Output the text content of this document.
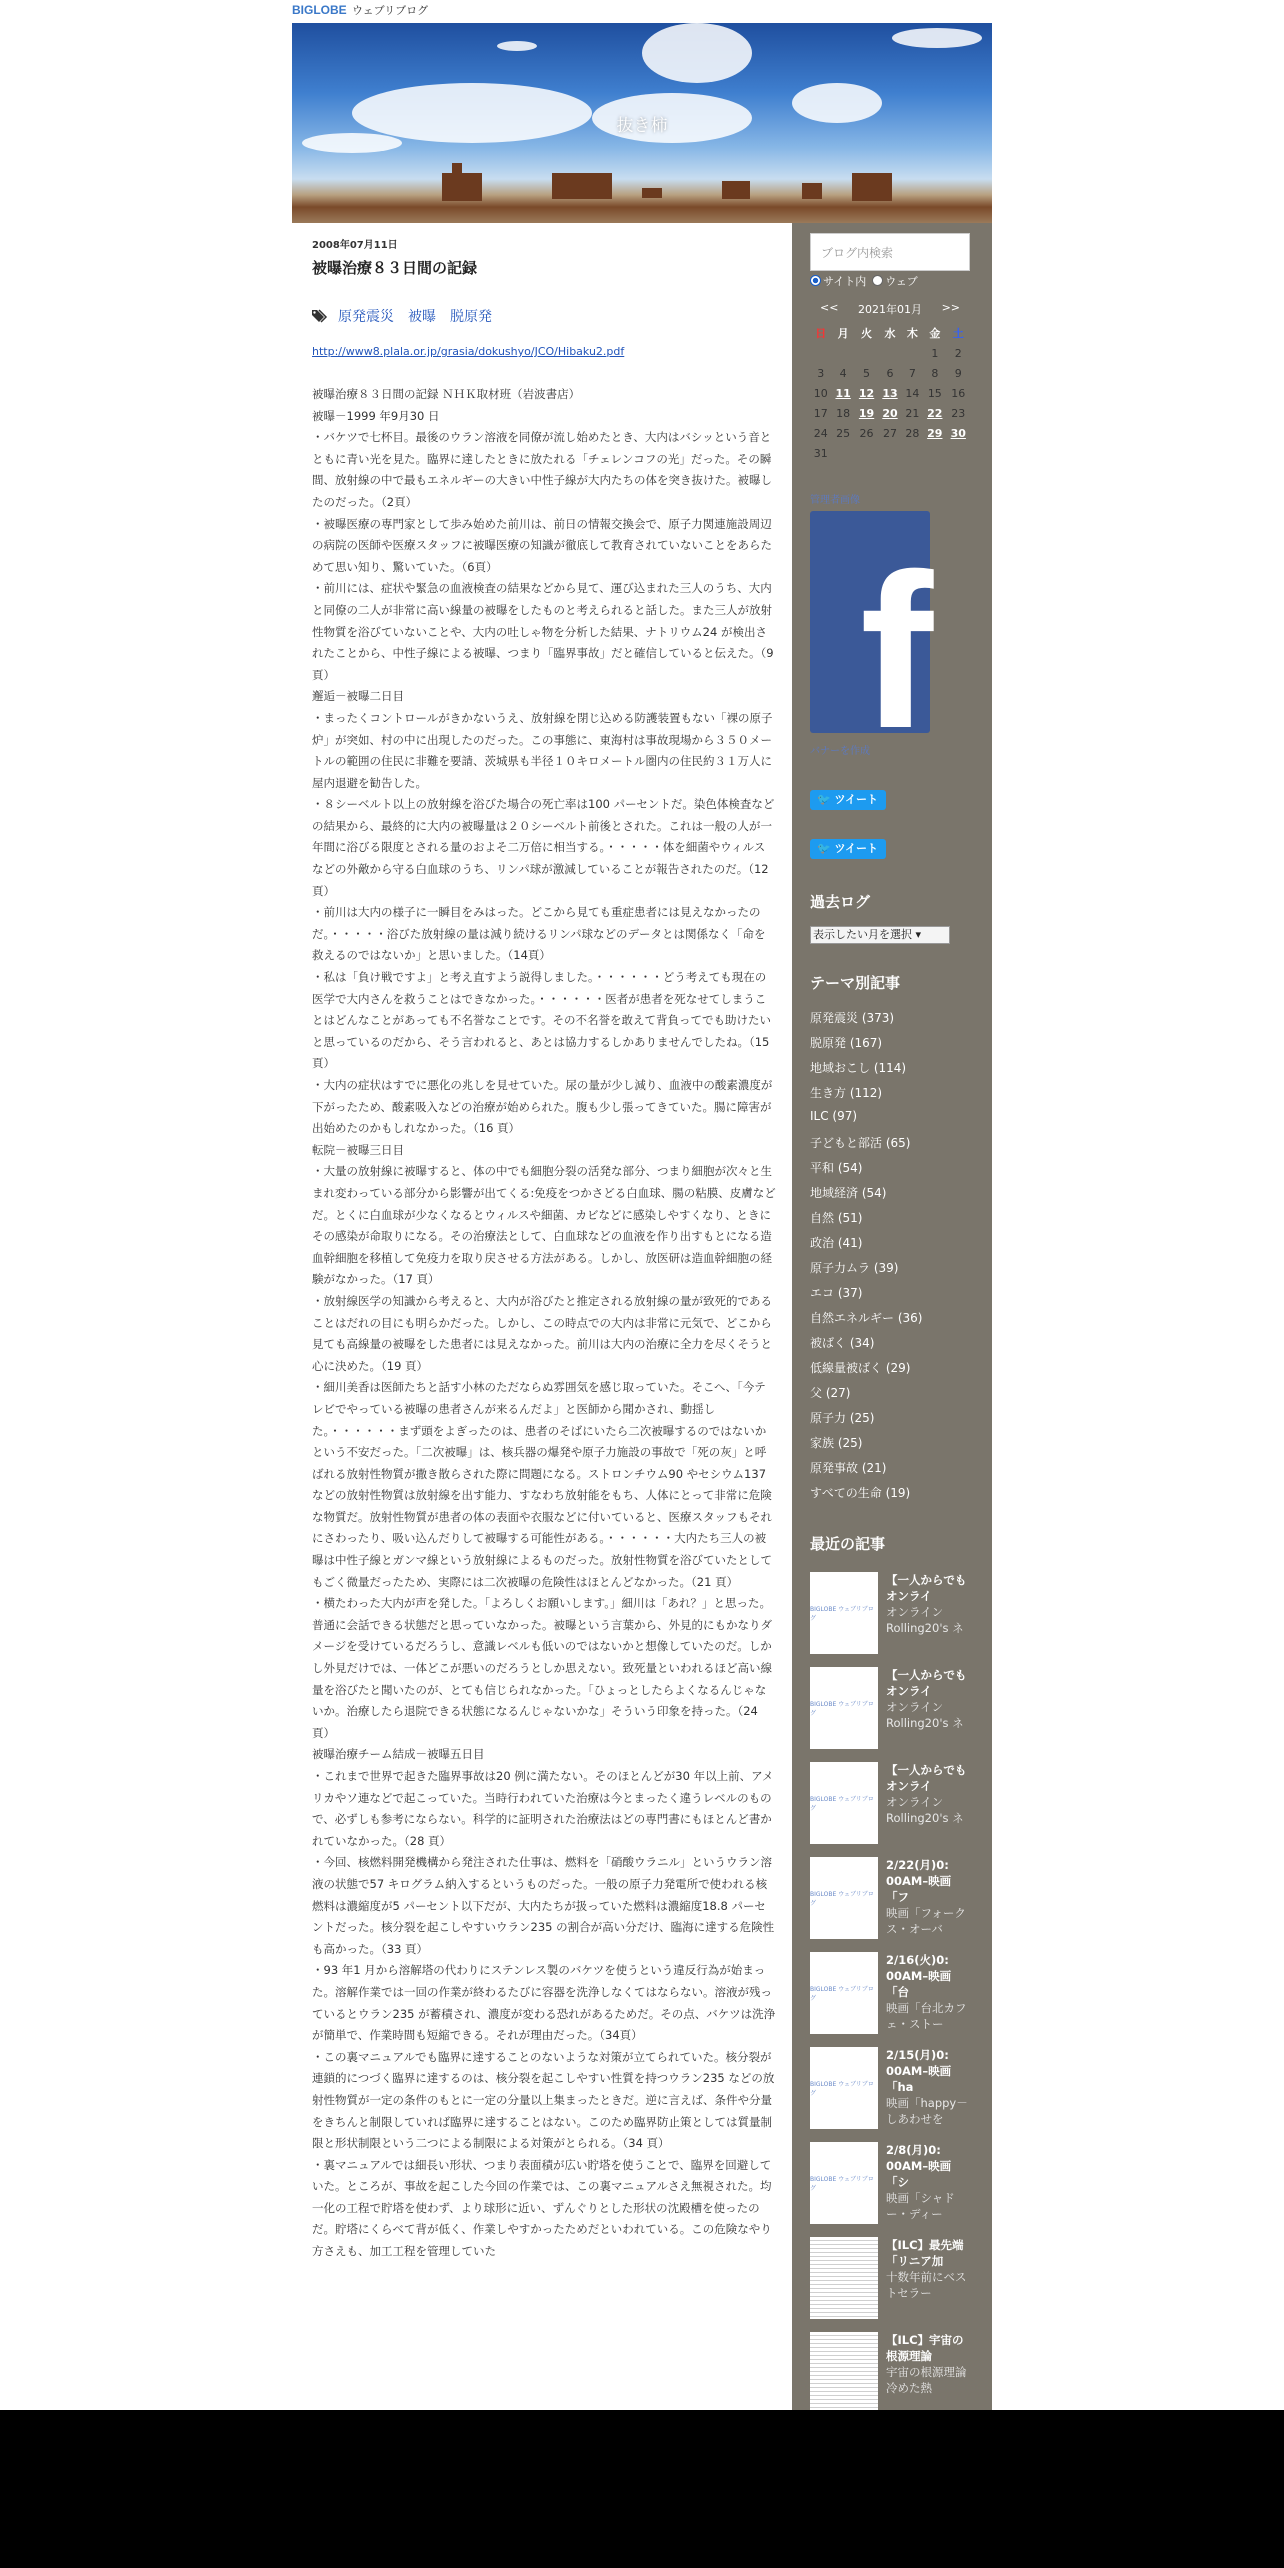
BIGLOBE ウェブリブログ
抜き柿
2008年07月11日
被曝治療８３日間の記録
原発震災 被曝 脱原発
http://www8.plala.or.jp/grasia/dokushyo/JCO/Hibaku2.pdf

被曝治療８３日間の記録 ＮＨＫ取材班（岩波書店）

被曝－1999 年9月30 日

・バケツで七杯目。最後のウラン溶液を同僚が流し始めたとき、大内はバシッという音とともに青い光を見た。臨界に達したときに放たれる「チェレンコフの光」だった。その瞬間、放射線の中で最もエネルギーの大きい中性子線が大内たちの体を突き抜けた。被曝したのだった。（2頁）

・被曝医療の専門家として歩み始めた前川は、前日の情報交換会で、原子力関連施設周辺の病院の医師や医療スタッフに被曝医療の知識が徹底して教育されていないことをあらためて思い知り、驚いていた。（6頁）

・前川には、症状や緊急の血液検査の結果などから見て、運び込まれた三人のうち、大内と同僚の二人が非常に高い線量の被曝をしたものと考えられると話した。また三人が放射性物質を浴びていないことや、大内の吐しゃ物を分析した結果、ナトリウム24 が検出されたことから、中性子線による被曝、つまり「臨界事故」だと確信していると伝えた。（9頁）

邂逅－被曝二日目

・まったくコントロールがきかないうえ、放射線を閉じ込める防護装置もない「裸の原子炉」が突如、村の中に出現したのだった。この事態に、東海村は事故現場から３５０メートルの範囲の住民に非難を要請、茨城県も半径１０キロメートル圏内の住民約３１万人に屋内退避を勧告した。

・８シーベルト以上の放射線を浴びた場合の死亡率は100 パーセントだ。染色体検査などの結果から、最終的に大内の被曝量は２０シーベルト前後とされた。これは一般の人が一年間に浴びる限度とされる量のおよそ二万倍に相当する。・・・・・体を細菌やウィルスなどの外敵から守る白血球のうち、リンパ球が激減していることが報告されたのだ。（12 頁）

・前川は大内の様子に一瞬目をみはった。どこから見ても重症患者には見えなかったのだ。・・・・・浴びた放射線の量は減り続けるリンパ球などのデータとは関係なく「命を救えるのではないか」と思いました。（14頁）

・私は「負け戦ですよ」と考え直すよう説得しました。・・・・・・どう考えても現在の医学で大内さんを救うことはできなかった。・・・・・・医者が患者を死なせてしまうことはどんなことがあっても不名誉なことです。その不名誉を敢えて背負ってでも助けたいと思っているのだから、そう言われると、あとは協力するしかありませんでしたね。（15 頁）

・大内の症状はすでに悪化の兆しを見せていた。尿の量が少し減り、血液中の酸素濃度が下がったため、酸素吸入などの治療が始められた。腹も少し張ってきていた。腸に障害が出始めたのかもしれなかった。（16 頁）

転院－被曝三日目

・大量の放射線に被曝すると、体の中でも細胞分裂の活発な部分、つまり細胞が次々と生まれ変わっている部分から影響が出てくる:免疫をつかさどる白血球、腸の粘膜、皮膚などだ。とくに白血球が少なくなるとウィルスや細菌、カビなどに感染しやすくなり、ときにその感染が命取りになる。その治療法として、白血球などの血液を作り出すもとになる造血幹細胞を移植して免疫力を取り戻させる方法がある。しかし、放医研は造血幹細胞の経験がなかった。（17 頁）

・放射線医学の知識から考えると、大内が浴びたと推定される放射線の量が致死的であることはだれの目にも明らかだった。しかし、この時点での大内は非常に元気で、どこから見ても高線量の被曝をした患者には見えなかった。前川は大内の治療に全力を尽くそうと心に決めた。（19 頁）

・細川美香は医師たちと話す小林のただならぬ雰囲気を感じ取っていた。そこへ、「今テレビでやっている被曝の患者さんが来るんだよ」と医師から聞かされ、動揺した。・・・・・・まず頭をよぎったのは、患者のそばにいたら二次被曝するのではないかという不安だった。「二次被曝」は、核兵器の爆発や原子力施設の事故で「死の灰」と呼ばれる放射性物質が撒き散らされた際に問題になる。ストロンチウム90 やセシウム137 などの放射性物質は放射線を出す能力、すなわち放射能をもち、人体にとって非常に危険な物質だ。放射性物質が患者の体の表面や衣服などに付いていると、医療スタッフもそれにさわったり、吸い込んだりして被曝する可能性がある。・・・・・・大内たち三人の被曝は中性子線とガンマ線という放射線によるものだった。放射性物質を浴びていたとしてもごく微量だったため、実際には二次被曝の危険性はほとんどなかった。（21 頁）

・横たわった大内が声を発した。「よろしくお願いします。」細川は「あれ？」と思った。普通に会話できる状態だと思っていなかった。被曝という言葉から、外見的にもかなりダメージを受けているだろうし、意識レベルも低いのではないかと想像していたのだ。しかし外見だけでは、一体どこが悪いのだろうとしか思えない。致死量といわれるほど高い線量を浴びたと聞いたのが、とても信じられなかった。「ひょっとしたらよくなるんじゃないか。治療したら退院できる状態になるんじゃないかな」そういう印象を持った。（24 頁）

被曝治療チーム結成－被曝五日目

・これまで世界で起きた臨界事故は20 例に満たない。そのほとんどが30 年以上前、アメリカやソ連などで起こっていた。当時行われていた治療は今とまったく違うレベルのもので、必ずしも参考にならない。科学的に証明された治療法はどの専門書にもほとんど書かれていなかった。（28 頁）

・今回、核燃料開発機構から発注された仕事は、燃料を「硝酸ウラニル」というウラン溶液の状態で57 キログラム納入するというものだった。一般の原子力発電所で使われる核燃料は濃縮度が5 パーセント以下だが、大内たちが扱っていた燃料は濃縮度18.8 パーセントだった。核分裂を起こしやすいウラン235 の割合が高い分だけ、臨海に達する危険性も高かった。（33 頁）

・93 年1 月から溶解塔の代わりにステンレス製のバケツを使うという違反行為が始まった。溶解作業では一回の作業が終わるたびに容器を洗浄しなくてはならない。溶液が残っているとウラン235 が蓄積され、濃度が変わる恐れがあるためだ。その点、バケツは洗浄が簡単で、作業時間も短縮できる。それが理由だった。（34頁）

・この裏マニュアルでも臨界に達することのないような対策が立てられていた。核分裂が連鎖的につづく臨界に達するのは、核分裂を起こしやすい性質を持つウラン235 などの放射性物質が一定の条件のもとに一定の分量以上集まったときだ。逆に言えば、条件や分量をきちんと制限していれば臨界に達することはない。このため臨界防止策としては質量制限と形状制限という二つによる制限による対策がとられる。（34 頁）

・裏マニュアルでは細長い形状、つまり表面積が広い貯塔を使うことで、臨界を回避していた。ところが、事故を起こした今回の作業では、この裏マニュアルさえ無視された。均一化の工程で貯塔を使わず、より球形に近い、ずんぐりとした形状の沈殿槽を使ったのだ。貯塔にくらべて背が低く、作業しやすかったためだといわれている。この危険なやり方さえも、加工工程を管理していた

ブログ内検索
サイト内	ウェブ
<< 2021年01月 >>
日	月	火	水	木	金	土
					1	2
3	4	5	6	7	8	9
10	11	12	13	14	15	16
17	18	19	20	21	22	23
24	25	26	27	28	29	30
31						
管理者画像
f
バナーを作成
🐦 ツイート
🐦 ツイート
過去ログ
表示したい月を選択 ▾
テーマ別記事
原発震災 (373)
脱原発 (167)
地域おこし (114)
生き方 (112)
ILC (97)
子どもと部活 (65)
平和 (54)
地域経済 (54)
自然 (51)
政治 (41)
原子力ムラ (39)
エコ (37)
自然エネルギー (36)
被ばく (34)
低線量被ばく (29)
父 (27)
原子力 (25)
家族 (25)
原発事故 (21)
すべての生命 (19)
最近の記事
BIGLOBE ウェブリブログ
【一人からでもオンライ
オンラインRolling20's ネ
BIGLOBE ウェブリブログ
【一人からでもオンライ
オンラインRolling20's ネ
BIGLOBE ウェブリブログ
【一人からでもオンライ
オンラインRolling20's ネ
BIGLOBE ウェブリブログ
2/22(月)0: 00AM–映画「フ
映画「フォークス・オーバ
BIGLOBE ウェブリブログ
2/16(火)0: 00AM–映画「台
映画「台北カフェ・ストー
BIGLOBE ウェブリブログ
2/15(月)0: 00AM–映画「ha
映画「happy－しあわせを
BIGLOBE ウェブリブログ
2/8(月)0: 00AM–映画「シ
映画「シャドー・ディー
【ILC】最先端「リニア加
十数年前にベストセラー
【ILC】宇宙の根源理論
宇宙の根源理論 冷めた熱
